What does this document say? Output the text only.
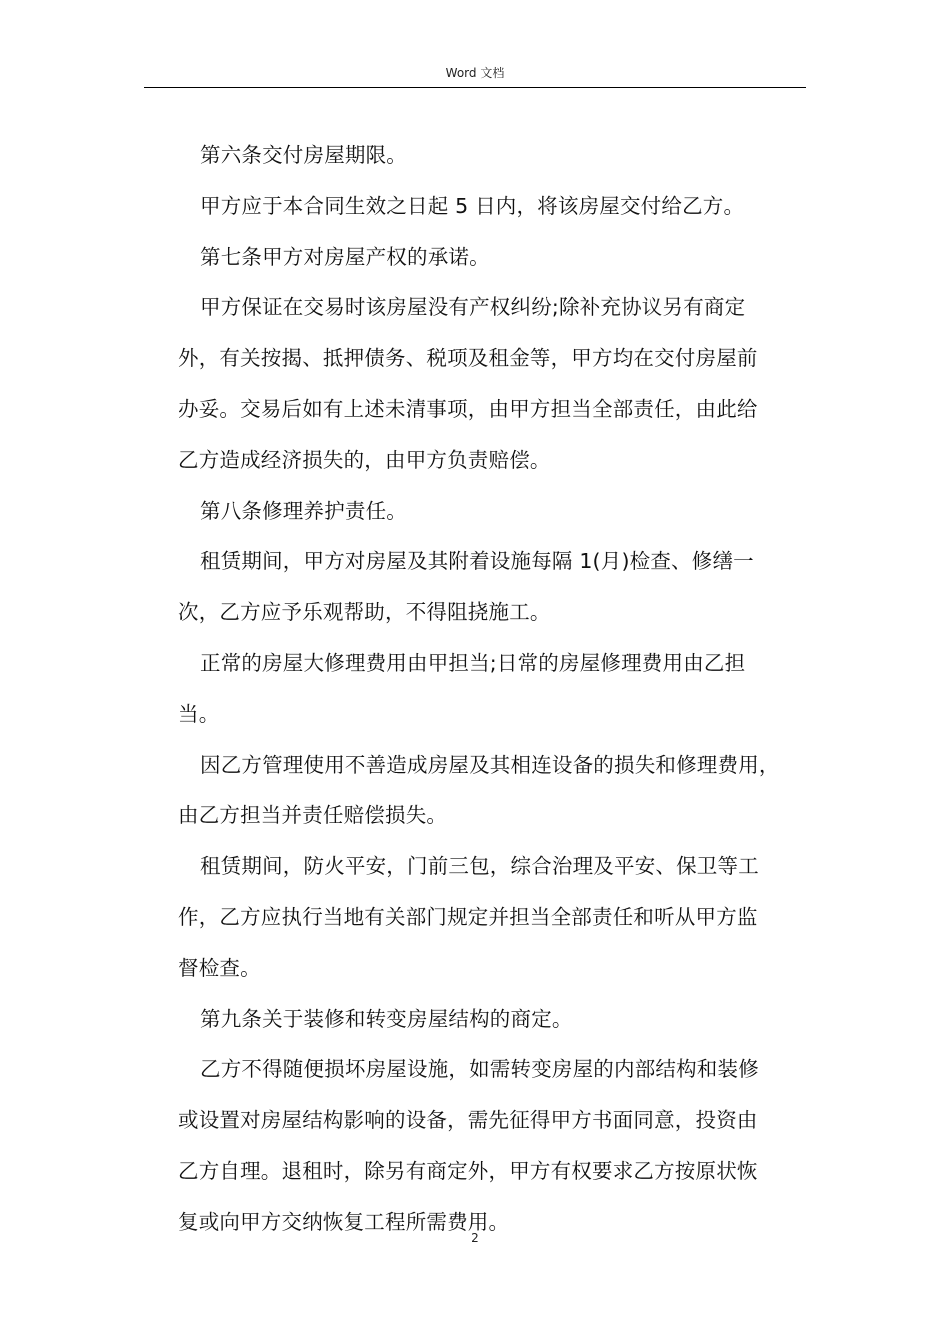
Word 文档
第六条交付房屋期限。
甲方应于本合同生效之日起 5 日内，将该房屋交付给乙方。
第七条甲方对房屋产权的承诺。
甲方保证在交易时该房屋没有产权纠纷;除补充协议另有商定
外，有关按揭、抵押债务、税项及租金等，甲方均在交付房屋前
办妥。交易后如有上述未清事项，由甲方担当全部责任，由此给
乙方造成经济损失的，由甲方负责赔偿。
第八条修理养护责任。
租赁期间，甲方对房屋及其附着设施每隔 1(月)检查、修缮一
次，乙方应予乐观帮助，不得阻挠施工。
正常的房屋大修理费用由甲担当;日常的房屋修理费用由乙担
当。
因乙方管理使用不善造成房屋及其相连设备的损失和修理费用，
由乙方担当并责任赔偿损失。
租赁期间，防火平安，门前三包，综合治理及平安、保卫等工
作，乙方应执行当地有关部门规定并担当全部责任和听从甲方监
督检查。
第九条关于装修和转变房屋结构的商定。
乙方不得随便损坏房屋设施，如需转变房屋的内部结构和装修
或设置对房屋结构影响的设备，需先征得甲方书面同意，投资由
乙方自理。退租时，除另有商定外，甲方有权要求乙方按原状恢
复或向甲方交纳恢复工程所需费用。
2
